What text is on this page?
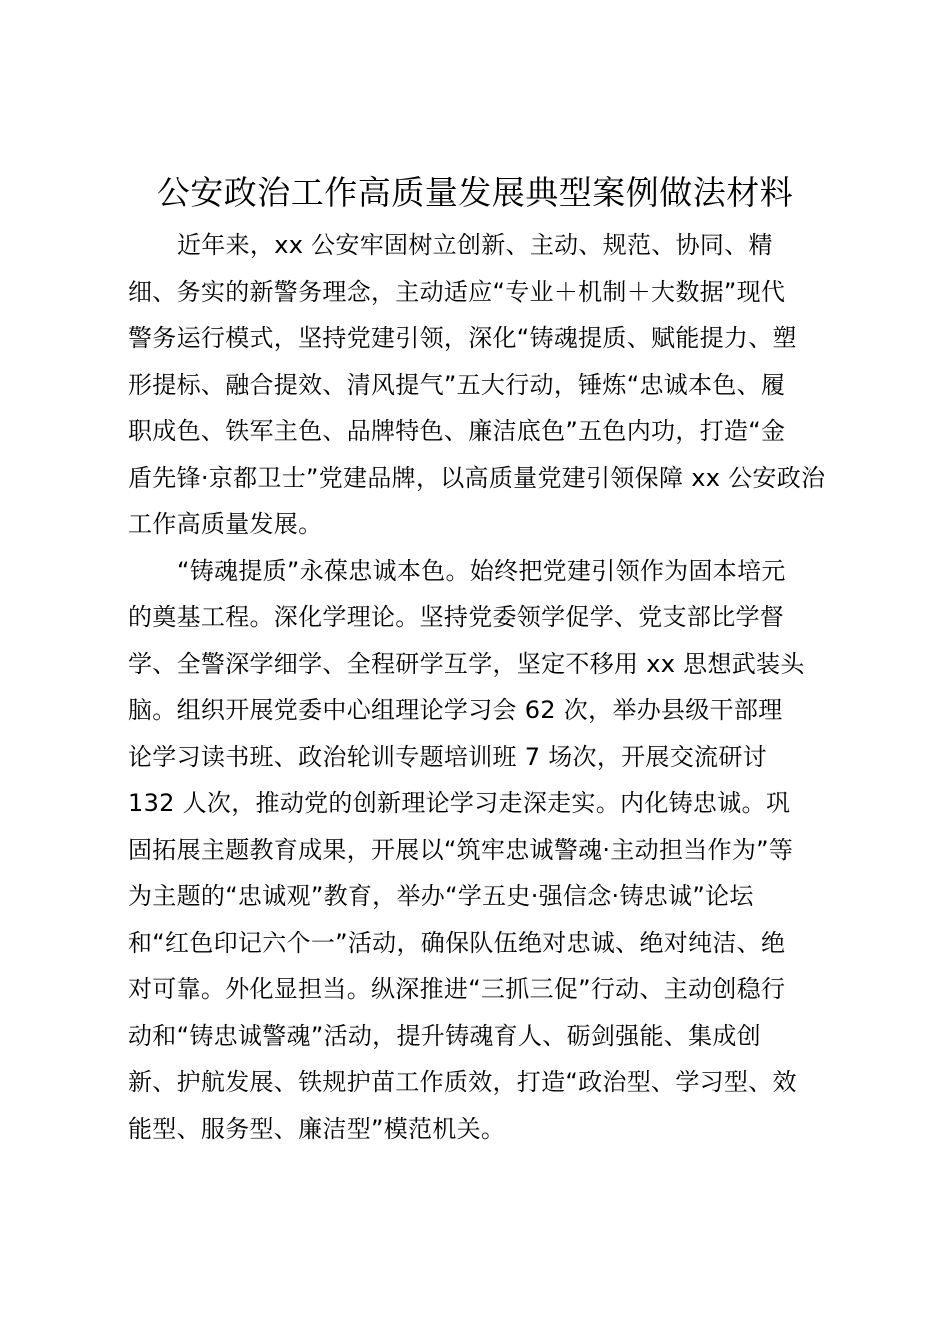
公安政治工作高质量发展典型案例做法材料
近年来，xx 公安牢固树立创新、主动、规范、协同、精
细、务实的新警务理念，主动适应“专业＋机制＋大数据”现代
警务运行模式，坚持党建引领，深化“铸魂提质、赋能提力、塑
形提标、融合提效、清风提气”五大行动，锤炼“忠诚本色、履
职成色、铁军主色、品牌特色、廉洁底色”五色内功，打造“金
盾先锋·京都卫士”党建品牌，以高质量党建引领保障 xx 公安政治
工作高质量发展。
“铸魂提质”永葆忠诚本色。始终把党建引领作为固本培元
的奠基工程。深化学理论。坚持党委领学促学、党支部比学督
学、全警深学细学、全程研学互学，坚定不移用 xx 思想武装头
脑。组织开展党委中心组理论学习会 62 次，举办县级干部理
论学习读书班、政治轮训专题培训班 7 场次，开展交流研讨
132 人次，推动党的创新理论学习走深走实。内化铸忠诚。巩
固拓展主题教育成果，开展以“筑牢忠诚警魂·主动担当作为”等
为主题的“忠诚观”教育，举办“学五史·强信念·铸忠诚”论坛
和“红色印记六个一”活动，确保队伍绝对忠诚、绝对纯洁、绝
对可靠。外化显担当。纵深推进“三抓三促”行动、主动创稳行
动和“铸忠诚警魂”活动，提升铸魂育人、砺剑强能、集成创
新、护航发展、铁规护苗工作质效，打造“政治型、学习型、效
能型、服务型、廉洁型”模范机关。
